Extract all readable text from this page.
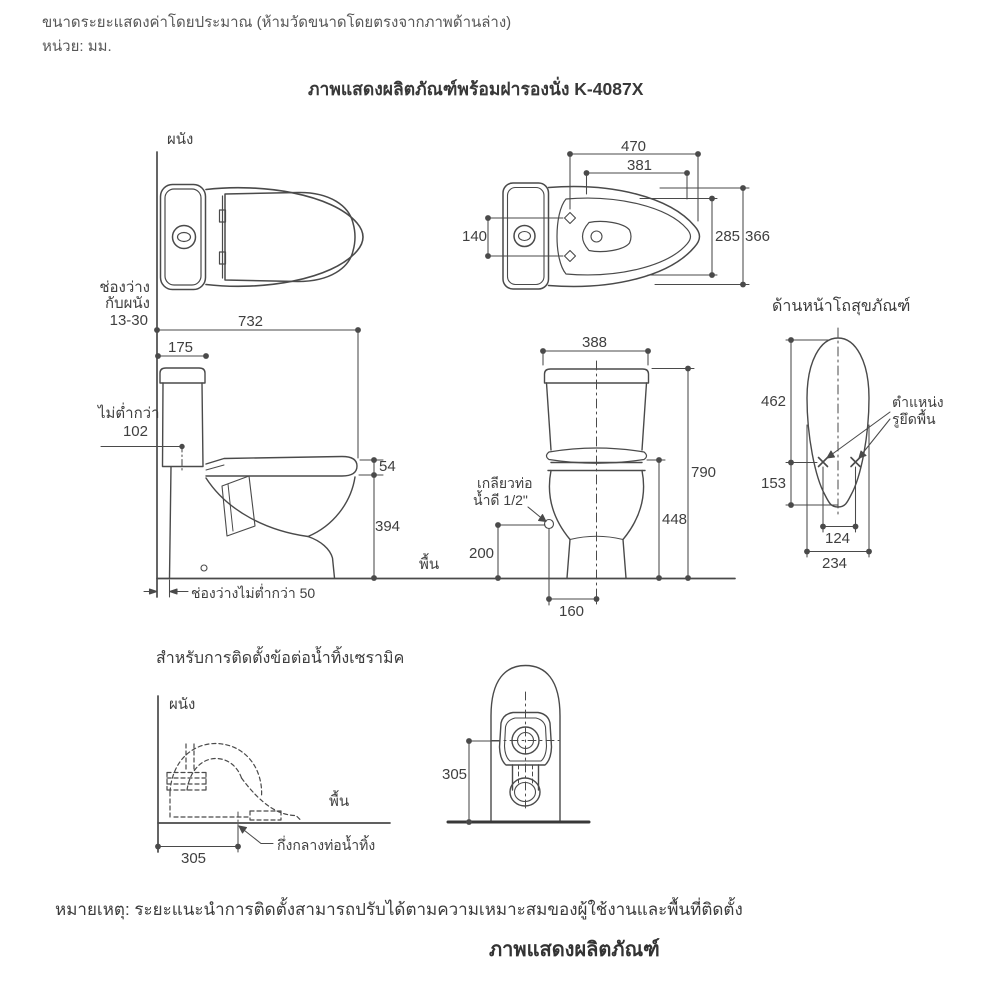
ขนาดระยะแสดงค่าโดยประมาณ (ห้ามวัดขนาดโดยตรงจากภาพด้านล่าง)
หน่วย: มม.
ภาพแสดงผลิตภัณฑ์พร้อมฝารองนั่ง K-4087X
ผนัง
ช่องว่าง
กับผนัง
13-30	732
175
ไม่ต่ำกว่า
102
54
394
พื้น
ช่องว่างไม่ต่ำกว่า 50
470
381
140	285 366
388
790
448
เกลียวท่อ
น้ำดี 1/2"
200
160
ด้านหน้าโถสุขภัณฑ์
462
153
124
234
ตำแหน่ง
รูยึดพื้น
สำหรับการติดตั้งข้อต่อน้ำทิ้งเซรามิค
ผนัง
พื้น
305
กึ่งกลางท่อน้ำทิ้ง
305
หมายเหตุ: ระยะแนะนำการติดตั้งสามารถปรับได้ตามความเหมาะสมของผู้ใช้งานและพื้นที่ติดตั้ง
ภาพแสดงผลิตภัณฑ์
